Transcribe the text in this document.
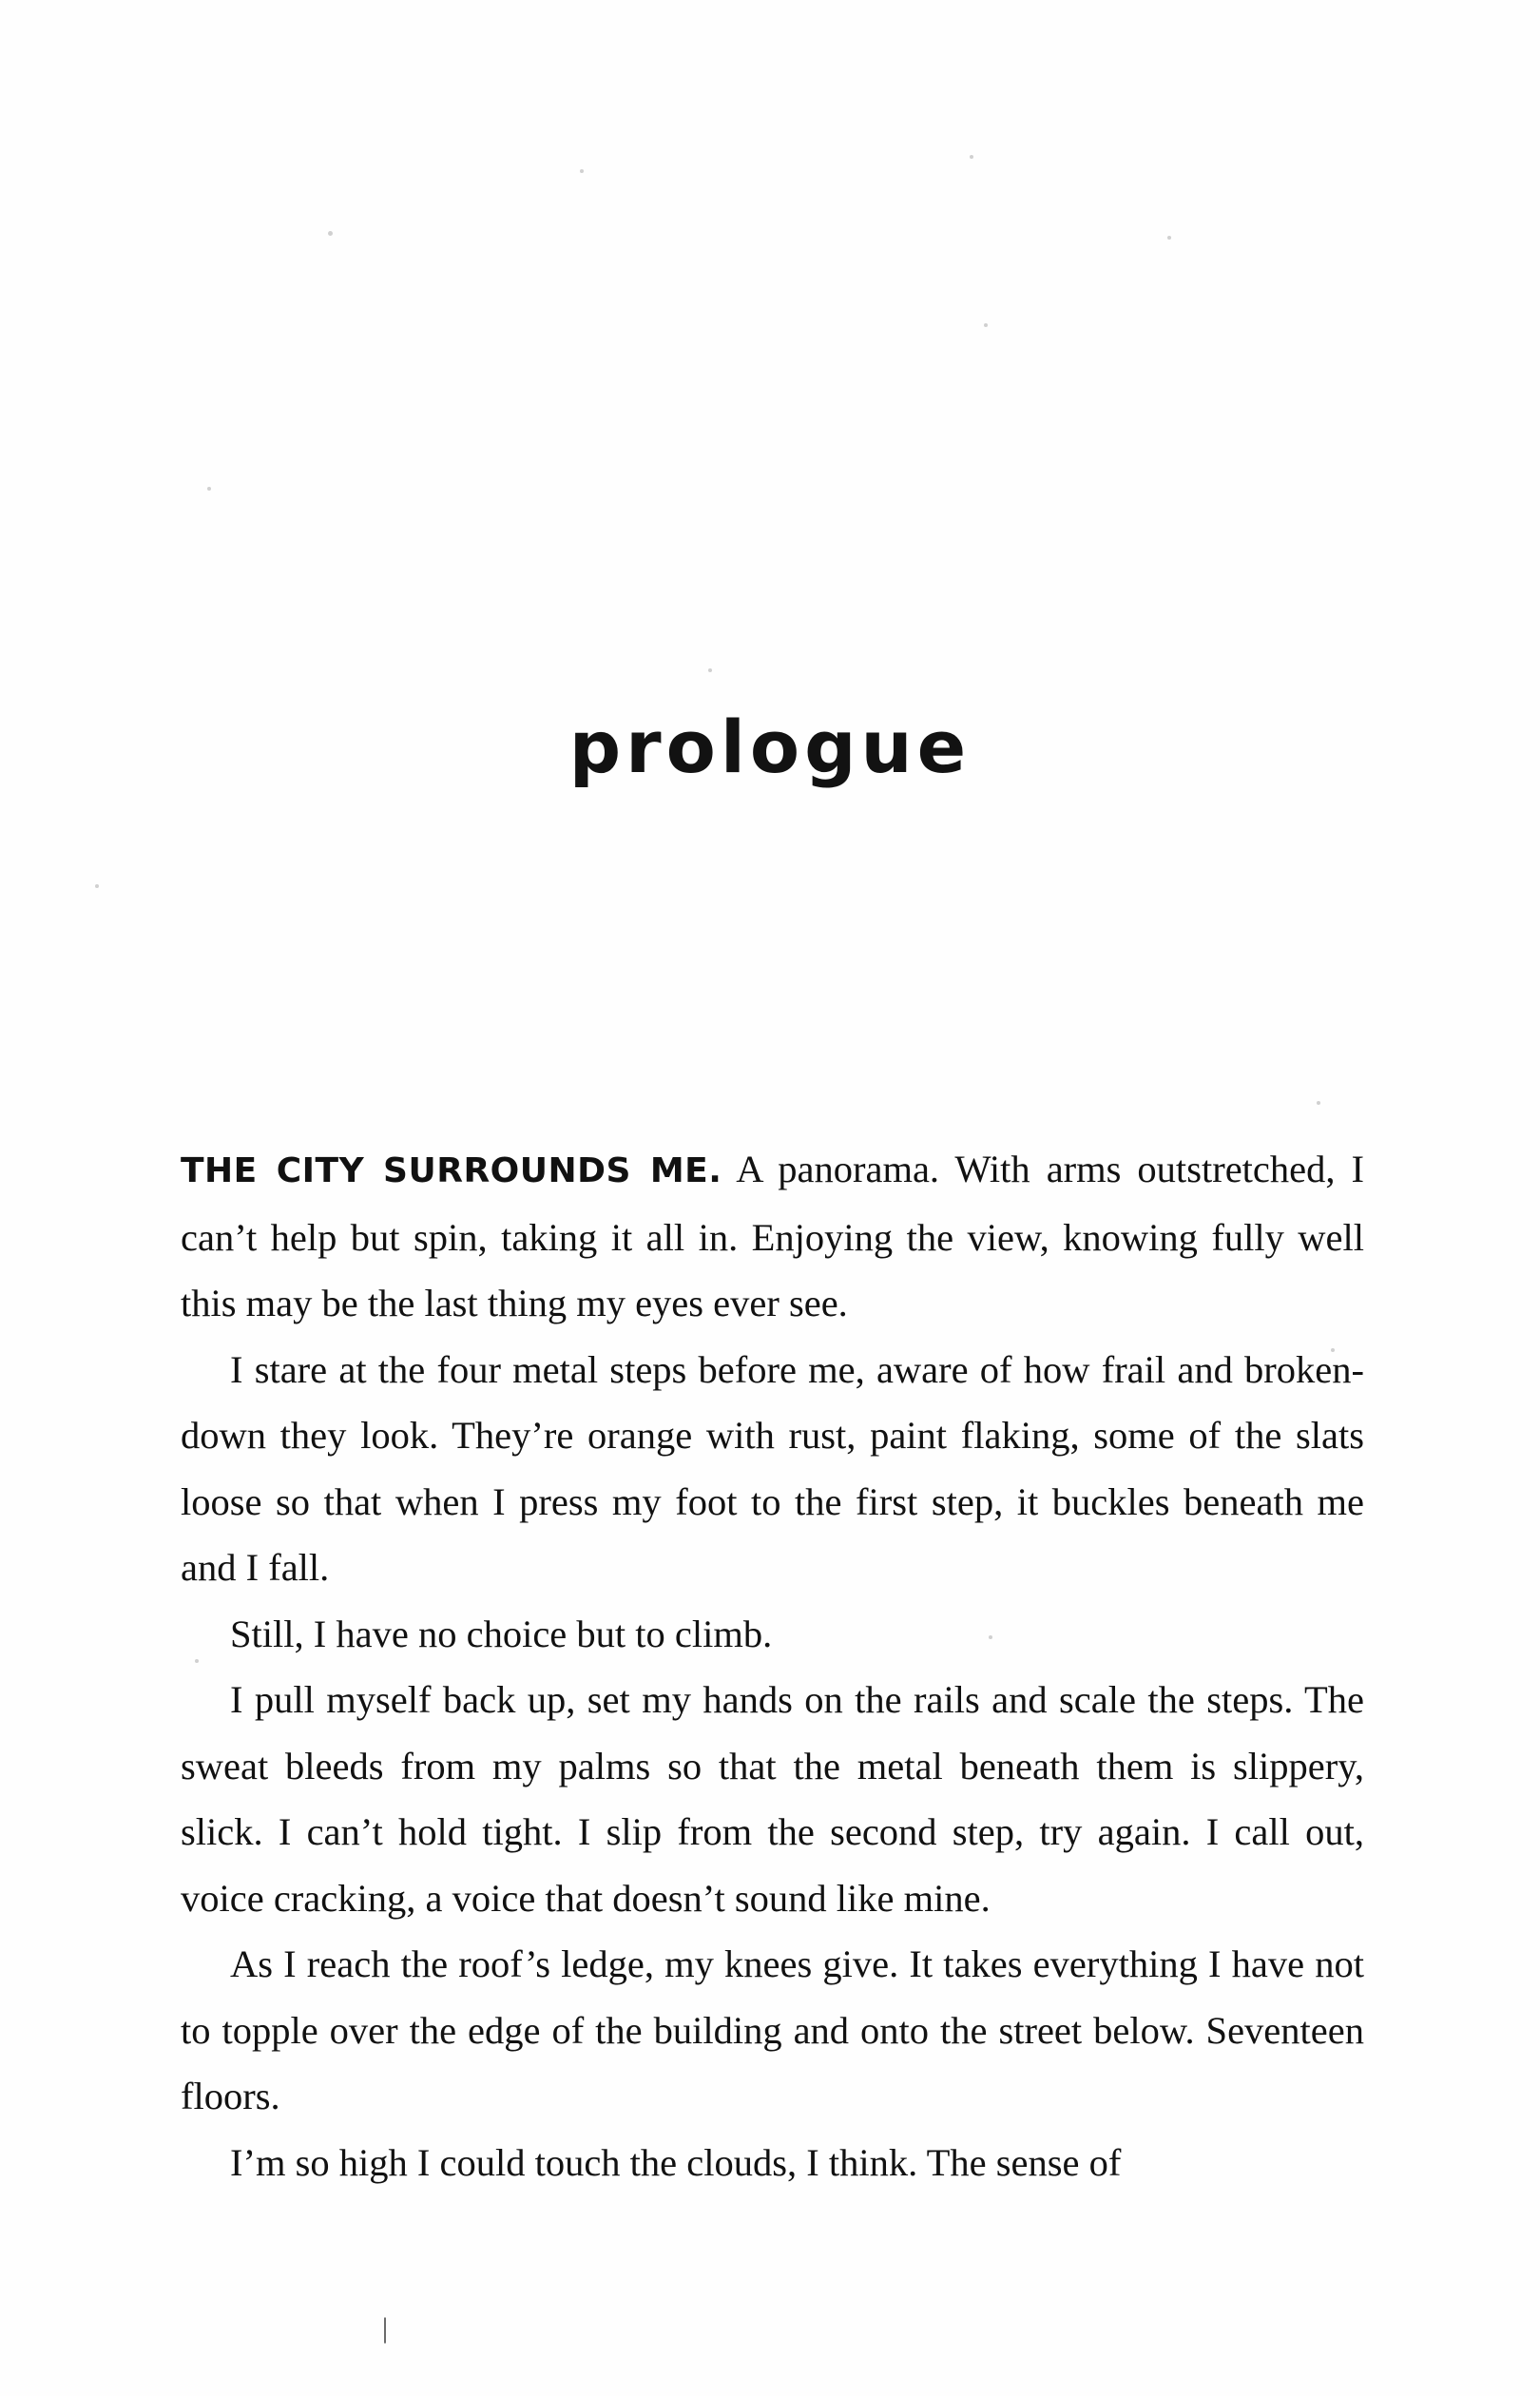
prologue

THE CITY SURROUNDS ME. A panorama. With arms outstretched, I can’t help but spin, taking it all in. Enjoying the view, knowing fully well this may be the last thing my eyes ever see.

I stare at the four metal steps before me, aware of how frail and broken-down they look. They’re orange with rust, paint flaking, some of the slats loose so that when I press my foot to the first step, it buckles beneath me and I fall.

Still, I have no choice but to climb.

I pull myself back up, set my hands on the rails and scale the steps. The sweat bleeds from my palms so that the metal beneath them is slippery, slick. I can’t hold tight. I slip from the second step, try again. I call out, voice cracking, a voice that doesn’t sound like mine.

As I reach the roof’s ledge, my knees give. It takes everything I have not to topple over the edge of the building and onto the street below. Seventeen floors.

I’m so high I could touch the clouds, I think. The sense of

|
